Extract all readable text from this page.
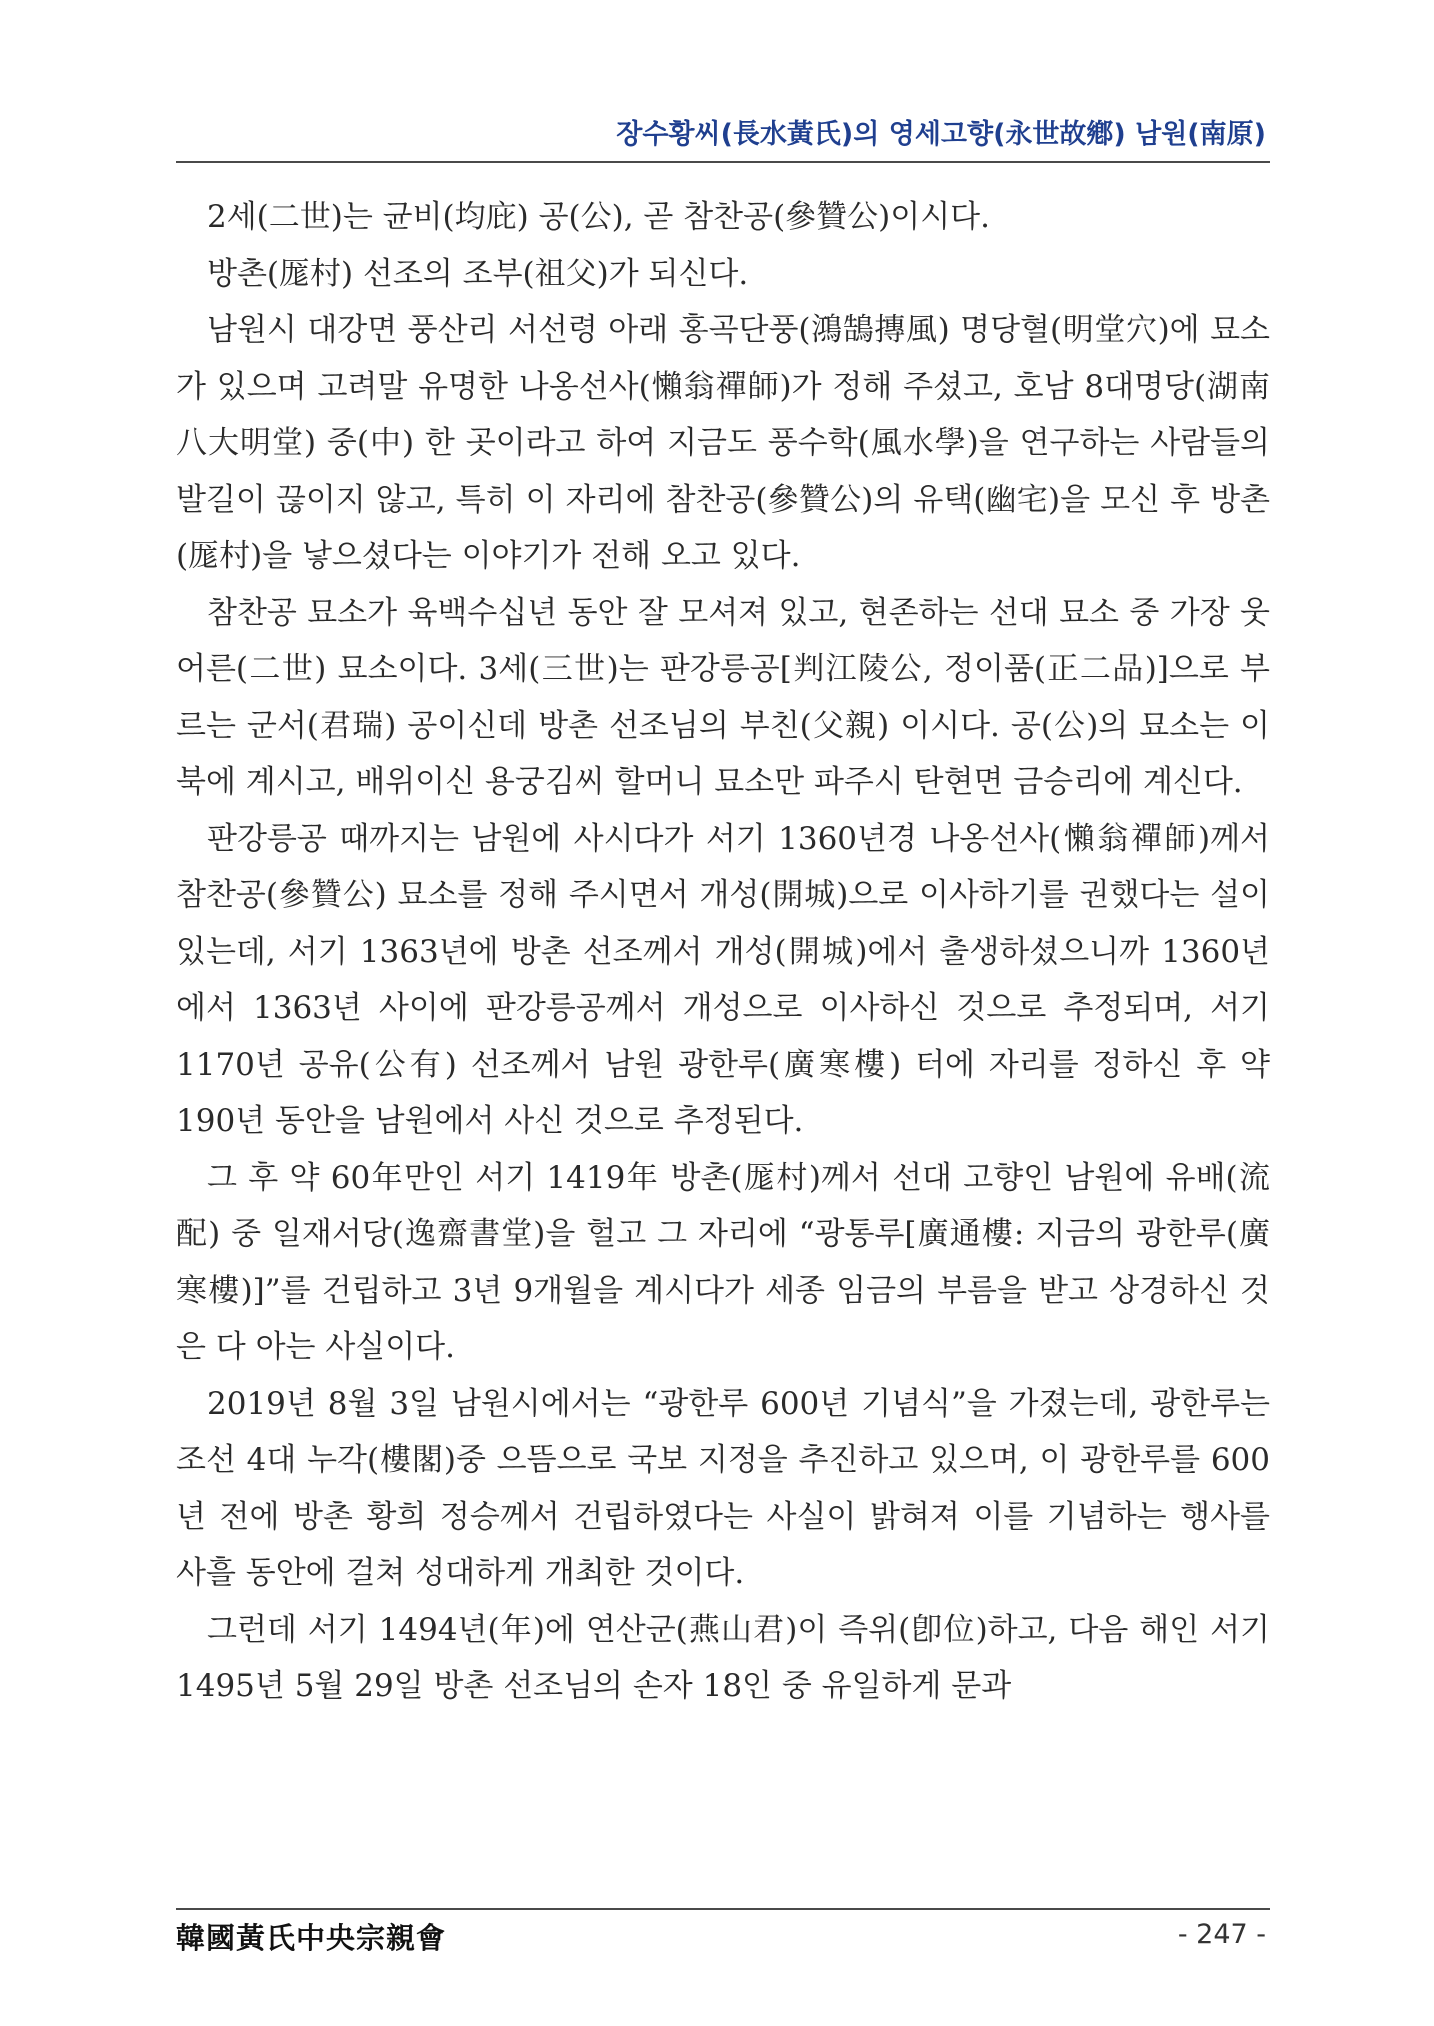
장수황씨(長水黃氏)의 영세고향(永世故鄕) 남원(南原)

2세(二世)는 균비(均庇) 공(公), 곧 참찬공(參贊公)이시다.

방촌(厖村) 선조의 조부(祖父)가 되신다.

남원시 대강면 풍산리 서선령 아래 홍곡단풍(鴻鵠摶風) 명당혈(明堂穴)에 묘소가 있으며 고려말 유명한 나옹선사(懶翁禪師)가 정해 주셨고, 호남 8대명당(湖南八大明堂) 중(中) 한 곳이라고 하여 지금도 풍수학(風水學)을 연구하는 사람들의 발길이 끊이지 않고, 특히 이 자리에 참찬공(參贊公)의 유택(幽宅)을 모신 후 방촌(厖村)을 낳으셨다는 이야기가 전해 오고 있다.

참찬공 묘소가 육백수십년 동안 잘 모셔져 있고, 현존하는 선대 묘소 중 가장 웃어른(二世) 묘소이다. 3세(三世)는 판강릉공[判江陵公, 정이품(正二品)]으로 부르는 군서(君瑞) 공이신데 방촌 선조님의 부친(父親) 이시다. 공(公)의 묘소는 이북에 계시고, 배위이신 용궁김씨 할머니 묘소만 파주시 탄현면 금승리에 계신다.

판강릉공 때까지는 남원에 사시다가 서기 1360년경 나옹선사(懶翁禪師)께서 참찬공(參贊公) 묘소를 정해 주시면서 개성(開城)으로 이사하기를 권했다는 설이 있는데, 서기 1363년에 방촌 선조께서 개성(開城)에서 출생하셨으니까 1360년에서 1363년 사이에 판강릉공께서 개성으로 이사하신 것으로 추정되며, 서기 1170년 공유(公有) 선조께서 남원 광한루(廣寒樓) 터에 자리를 정하신 후 약 190년 동안을 남원에서 사신 것으로 추정된다.

그 후 약 60年만인 서기 1419年 방촌(厖村)께서 선대 고향인 남원에 유배(流配) 중 일재서당(逸齋書堂)을 헐고 그 자리에 “광통루[廣通樓: 지금의 광한루(廣寒樓)]”를 건립하고 3년 9개월을 계시다가 세종 임금의 부름을 받고 상경하신 것은 다 아는 사실이다.

2019년 8월 3일 남원시에서는 “광한루 600년 기념식”을 가졌는데, 광한루는 조선 4대 누각(樓閣)중 으뜸으로 국보 지정을 추진하고 있으며, 이 광한루를 600년 전에 방촌 황희 정승께서 건립하였다는 사실이 밝혀져 이를 기념하는 행사를 사흘 동안에 걸쳐 성대하게 개최한 것이다.

그런데 서기 1494년(年)에 연산군(燕山君)이 즉위(卽位)하고, 다음 해인 서기 1495년 5월 29일 방촌 선조님의 손자 18인 중 유일하게 문과

韓國黃氏中央宗親會	- 247 -
